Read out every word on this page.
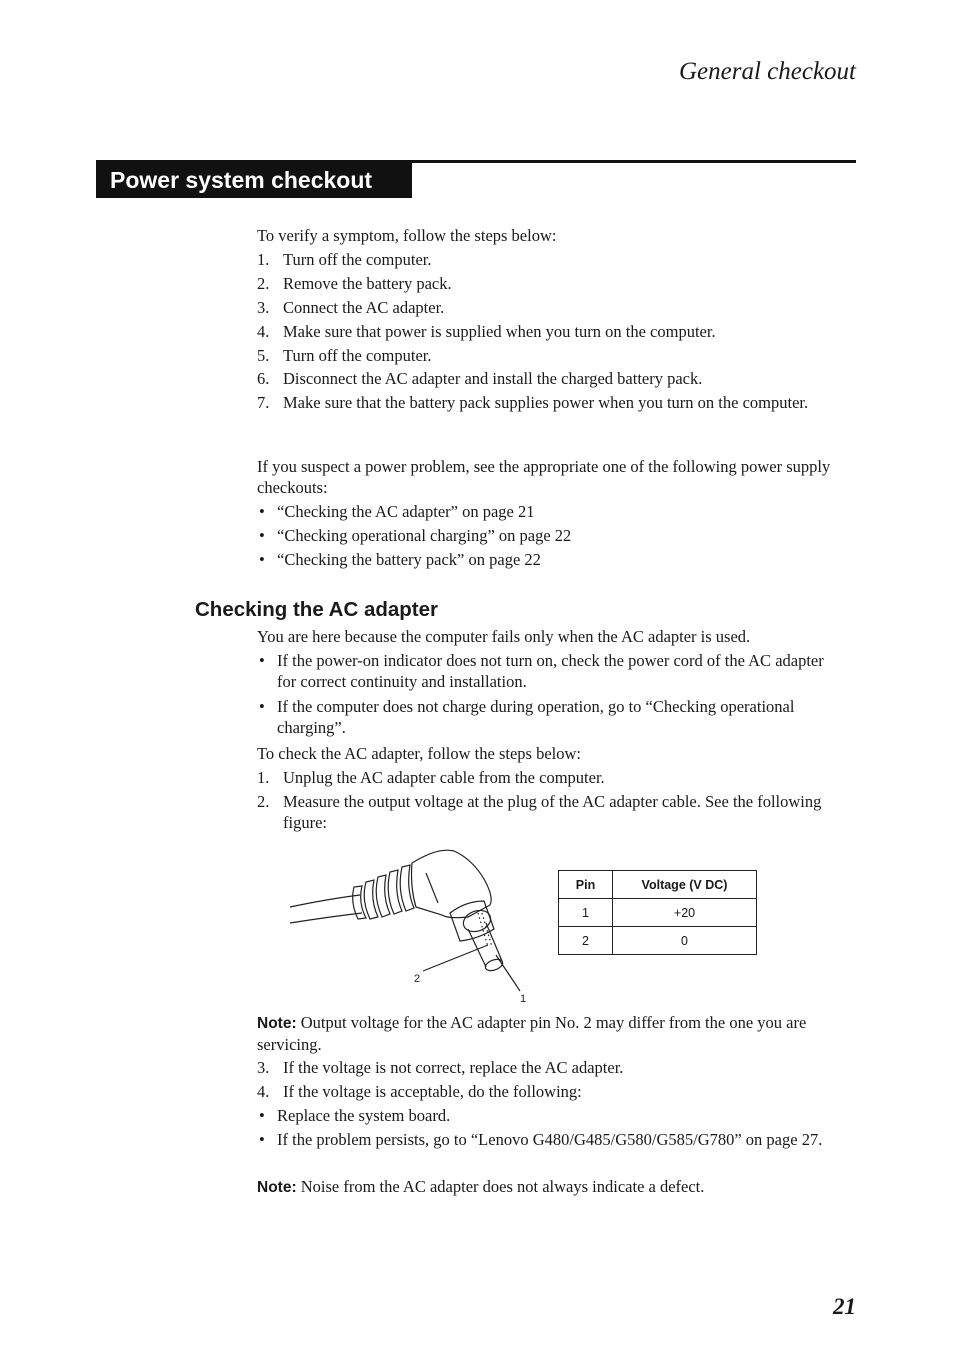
General checkout
Power system checkout
To verify a symptom, follow the steps below:
1. Turn off the computer.
2. Remove the battery pack.
3. Connect the AC adapter.
4. Make sure that power is supplied when you turn on the computer.
5. Turn off the computer.
6. Disconnect the AC adapter and install the charged battery pack.
7. Make sure that the battery pack supplies power when you turn on the computer.
If you suspect a power problem, see the appropriate one of the following power supply checkouts:
• “Checking the AC adapter” on page 21
• “Checking operational charging” on page 22
• “Checking the battery pack” on page 22
Checking the AC adapter
You are here because the computer fails only when the AC adapter is used.
• If the power-on indicator does not turn on, check the power cord of the AC adapter for correct continuity and installation.
• If the computer does not charge during operation, go to “Checking operational charging”.
To check the AC adapter, follow the steps below:
1. Unplug the AC adapter cable from the computer.
2. Measure the output voltage at the plug of the AC adapter cable. See the following figure:
2
1
Pin	Voltage (V DC)
1	+20
2	0
Note: Output voltage for the AC adapter pin No. 2 may differ from the one you are servicing.
3. If the voltage is not correct, replace the AC adapter.
4. If the voltage is acceptable, do the following:
• Replace the system board.
• If the problem persists, go to “Lenovo G480/G485/G580/G585/G780” on page 27.
Note: Noise from the AC adapter does not always indicate a defect.
21
